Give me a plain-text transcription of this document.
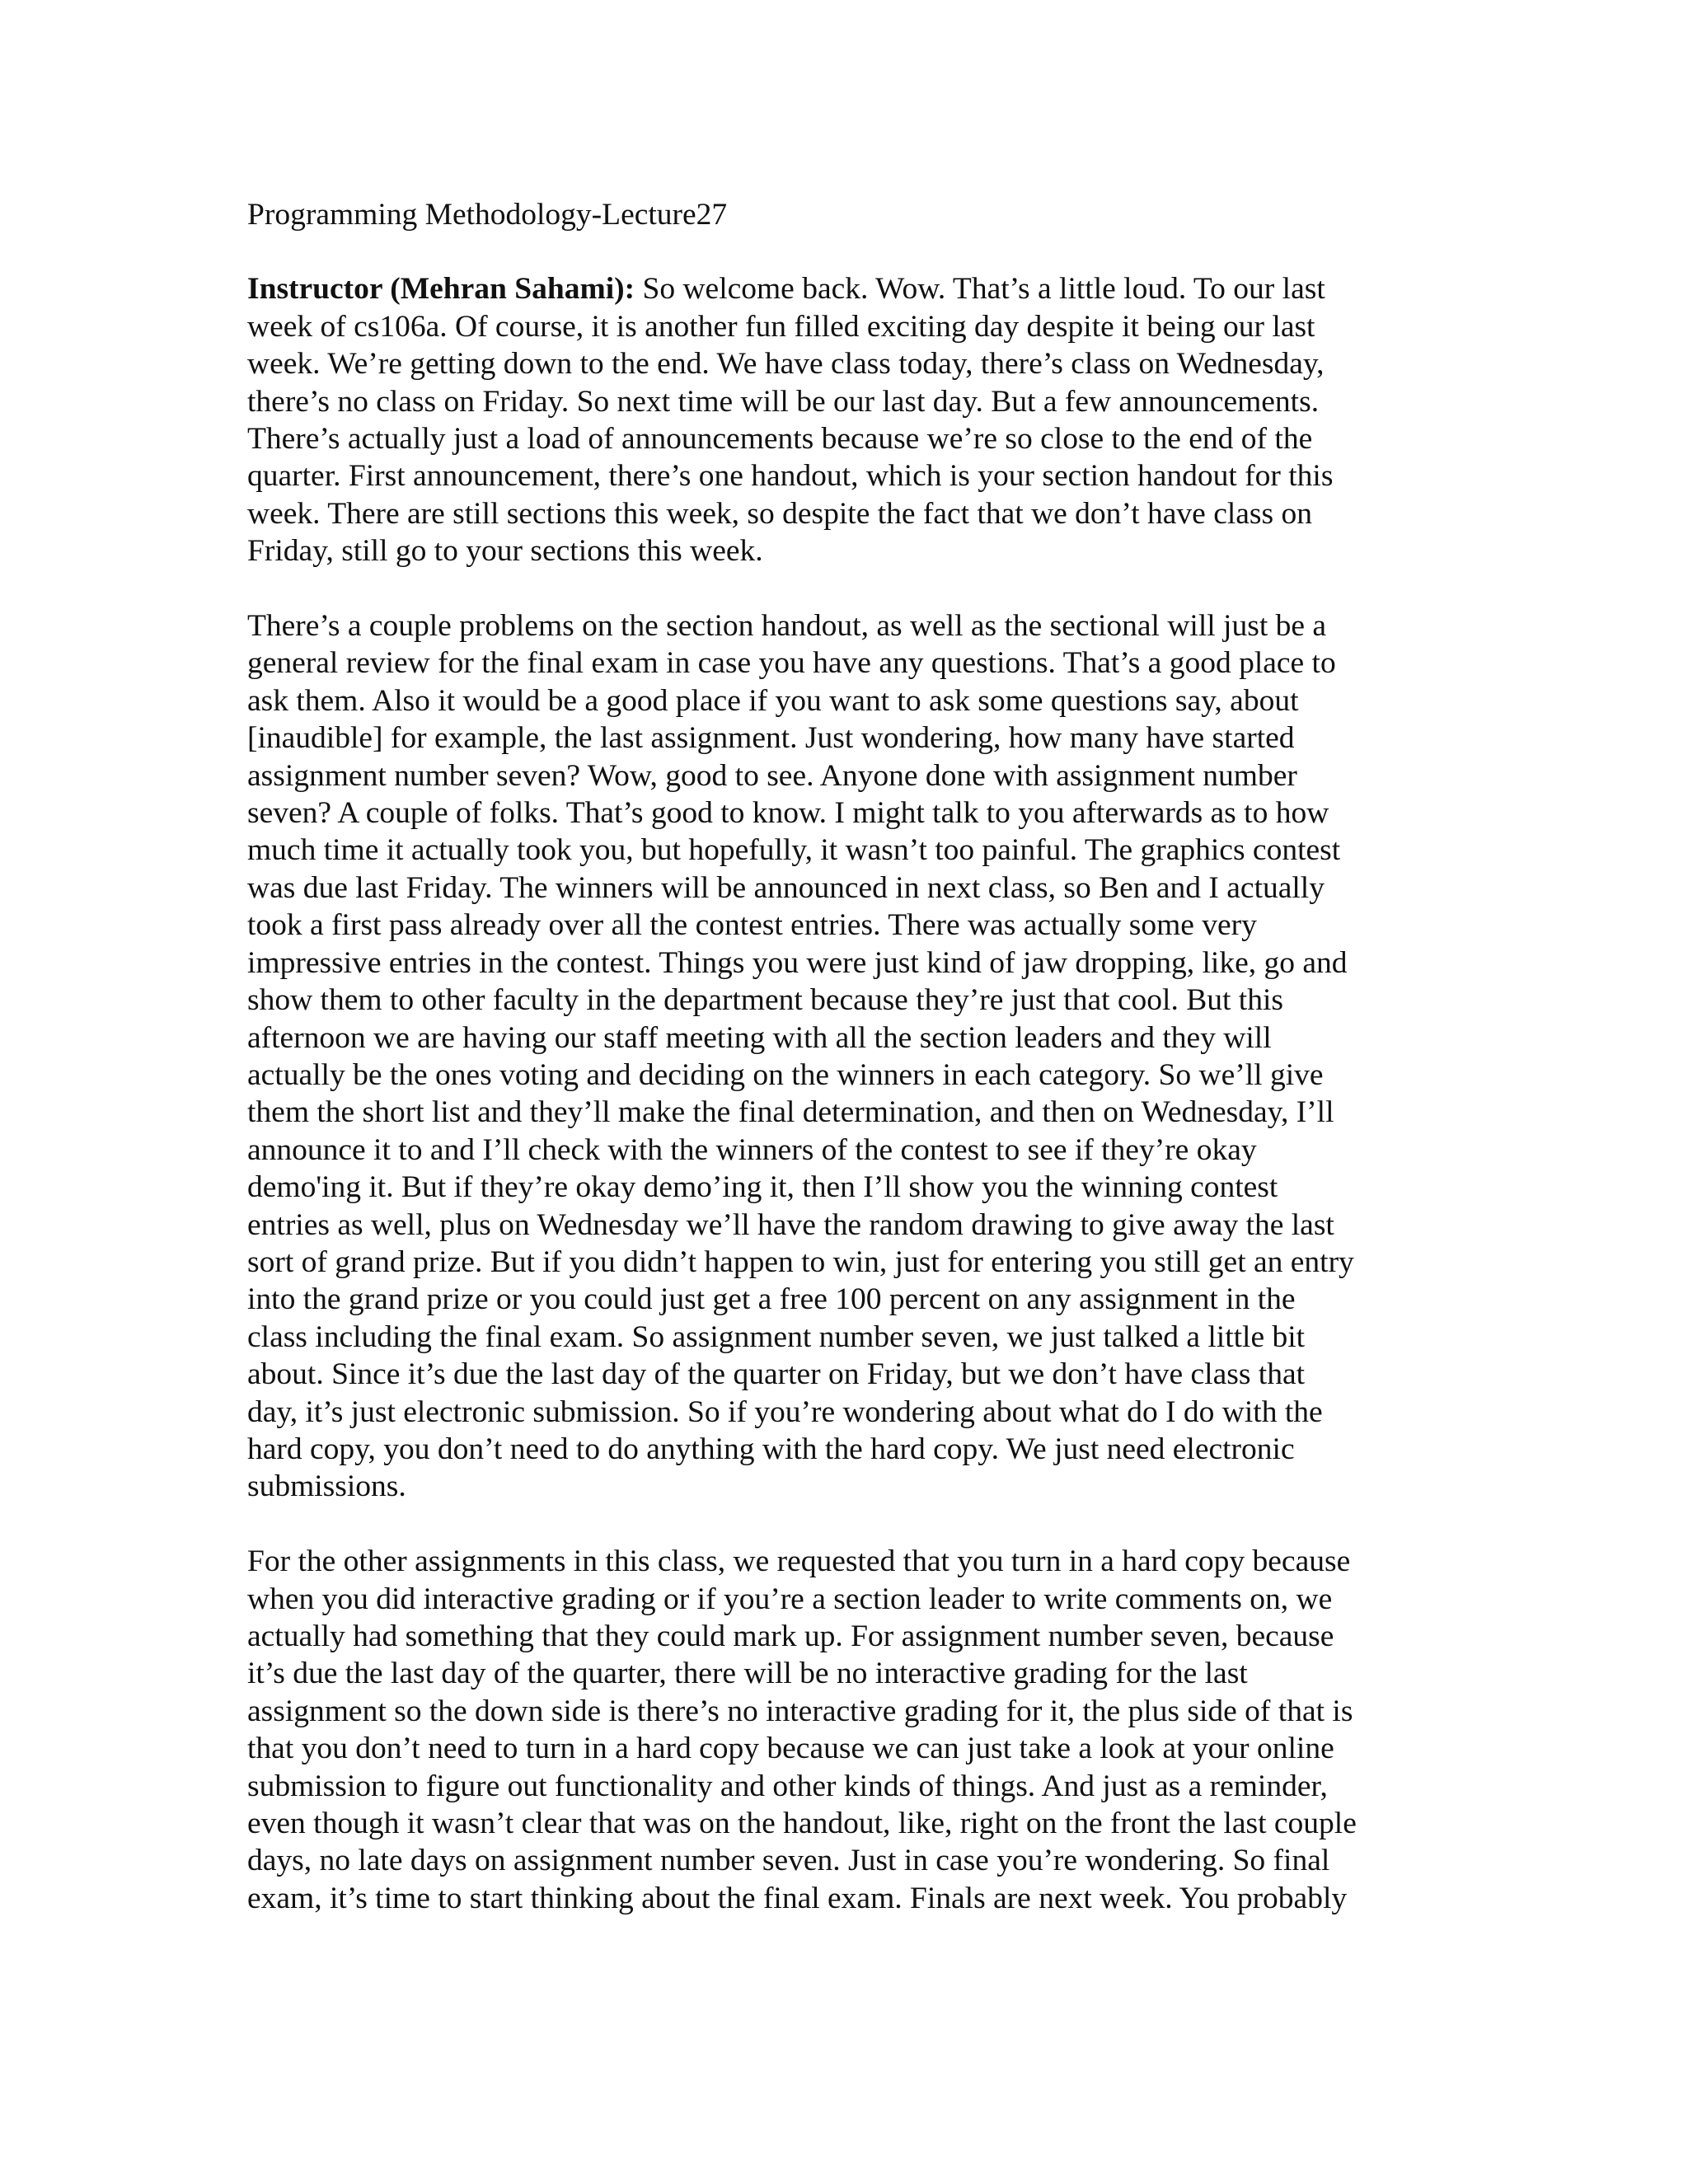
Programming Methodology-Lecture27
Instructor (Mehran Sahami): So welcome back. Wow. That’s a little loud. To our last
week of cs106a. Of course, it is another fun filled exciting day despite it being our last
week. We’re getting down to the end. We have class today, there’s class on Wednesday,
there’s no class on Friday. So next time will be our last day. But a few announcements.
There’s actually just a load of announcements because we’re so close to the end of the
quarter. First announcement, there’s one handout, which is your section handout for this
week. There are still sections this week, so despite the fact that we don’t have class on
Friday, still go to your sections this week.
There’s a couple problems on the section handout, as well as the sectional will just be a
general review for the final exam in case you have any questions. That’s a good place to
ask them. Also it would be a good place if you want to ask some questions say, about
[inaudible] for example, the last assignment. Just wondering, how many have started
assignment number seven? Wow, good to see. Anyone done with assignment number
seven? A couple of folks. That’s good to know. I might talk to you afterwards as to how
much time it actually took you, but hopefully, it wasn’t too painful. The graphics contest
was due last Friday. The winners will be announced in next class, so Ben and I actually
took a first pass already over all the contest entries. There was actually some very
impressive entries in the contest. Things you were just kind of jaw dropping, like, go and
show them to other faculty in the department because they’re just that cool. But this
afternoon we are having our staff meeting with all the section leaders and they will
actually be the ones voting and deciding on the winners in each category. So we’ll give
them the short list and they’ll make the final determination, and then on Wednesday, I’ll
announce it to and I’ll check with the winners of the contest to see if they’re okay
demo'ing it. But if they’re okay demo’ing it, then I’ll show you the winning contest
entries as well, plus on Wednesday we’ll have the random drawing to give away the last
sort of grand prize. But if you didn’t happen to win, just for entering you still get an entry
into the grand prize or you could just get a free 100 percent on any assignment in the
class including the final exam. So assignment number seven, we just talked a little bit
about. Since it’s due the last day of the quarter on Friday, but we don’t have class that
day, it’s just electronic submission. So if you’re wondering about what do I do with the
hard copy, you don’t need to do anything with the hard copy. We just need electronic
submissions.
For the other assignments in this class, we requested that you turn in a hard copy because
when you did interactive grading or if you’re a section leader to write comments on, we
actually had something that they could mark up. For assignment number seven, because
it’s due the last day of the quarter, there will be no interactive grading for the last
assignment so the down side is there’s no interactive grading for it, the plus side of that is
that you don’t need to turn in a hard copy because we can just take a look at your online
submission to figure out functionality and other kinds of things. And just as a reminder,
even though it wasn’t clear that was on the handout, like, right on the front the last couple
days, no late days on assignment number seven. Just in case you’re wondering. So final
exam, it’s time to start thinking about the final exam. Finals are next week. You probably
